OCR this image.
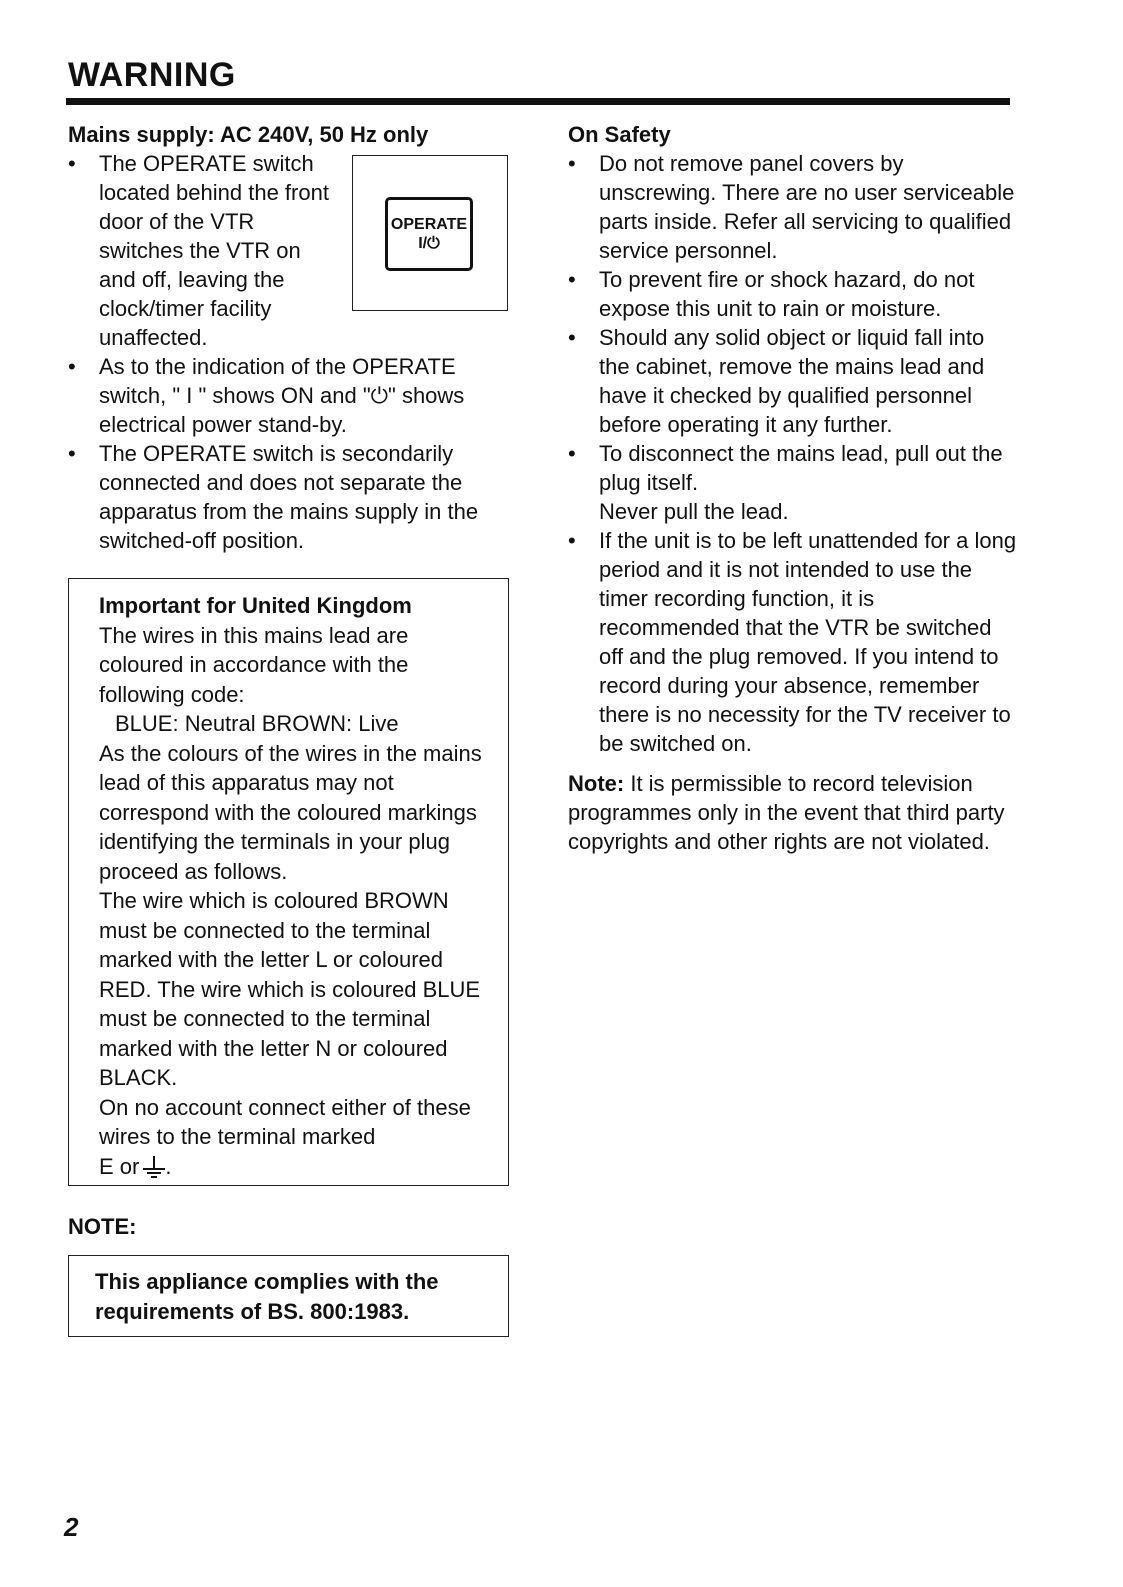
WARNING
Mains supply: AC 240V, 50 Hz only
• OPERATE
I/⏻
The OPERATE switch located behind the front door of the VTR switches the VTR on and off, leaving the clock/timer facility unaffected.
• As to the indication of the OPERATE switch, " I " shows ON and "⏻" shows electrical power stand-by.
• The OPERATE switch is secondarily connected and does not separate the apparatus from the mains supply in the switched-off position.
Important for United Kingdom
The wires in this mains lead are coloured in accordance with the following code:
BLUE: Neutral BROWN: Live
As the colours of the wires in the mains lead of this apparatus may not correspond with the coloured markings identifying the terminals in your plug proceed as follows.
The wire which is coloured BROWN must be connected to the terminal marked with the letter L or coloured RED. The wire which is coloured BLUE must be connected to the terminal marked with the letter N or coloured BLACK.
On no account connect either of these wires to the terminal marked
E or .
NOTE:
This appliance complies with the requirements of BS. 800:1983.
On Safety
• Do not remove panel covers by unscrewing. There are no user serviceable parts inside. Refer all servicing to qualified service personnel.
• To prevent fire or shock hazard, do not expose this unit to rain or moisture.
• Should any solid object or liquid fall into the cabinet, remove the mains lead and have it checked by qualified personnel before operating it any further.
• To disconnect the mains lead, pull out the plug itself.
Never pull the lead.
• If the unit is to be left unattended for a long period and it is not intended to use the timer recording function, it is recommended that the VTR be switched off and the plug removed. If you intend to record during your absence, remember there is no necessity for the TV receiver to be switched on.
Note: It is permissible to record television programmes only in the event that third party copyrights and other rights are not violated.
2
